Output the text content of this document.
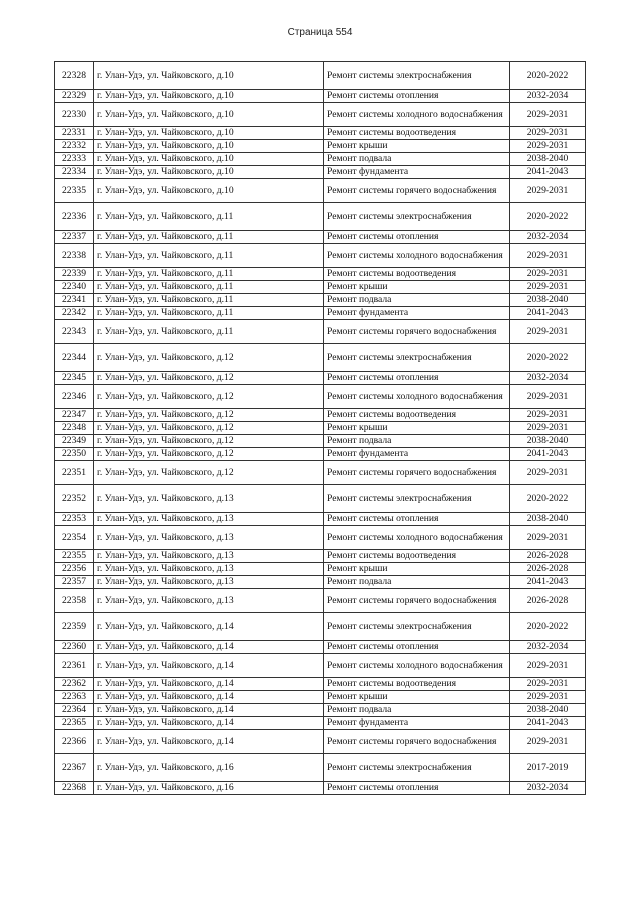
Страница 554
22328	г. Улан-Удэ, ул. Чайковского, д.10	Ремонт системы электроснабжения	2020-2022
22329	г. Улан-Удэ, ул. Чайковского, д.10	Ремонт системы отопления	2032-2034
22330	г. Улан-Удэ, ул. Чайковского, д.10	Ремонт системы холодного водоснабжения	2029-2031
22331	г. Улан-Удэ, ул. Чайковского, д.10	Ремонт системы водоотведения	2029-2031
22332	г. Улан-Удэ, ул. Чайковского, д.10	Ремонт крыши	2029-2031
22333	г. Улан-Удэ, ул. Чайковского, д.10	Ремонт подвала	2038-2040
22334	г. Улан-Удэ, ул. Чайковского, д.10	Ремонт фундамента	2041-2043
22335	г. Улан-Удэ, ул. Чайковского, д.10	Ремонт системы горячего водоснабжения	2029-2031
22336	г. Улан-Удэ, ул. Чайковского, д.11	Ремонт системы электроснабжения	2020-2022
22337	г. Улан-Удэ, ул. Чайковского, д.11	Ремонт системы отопления	2032-2034
22338	г. Улан-Удэ, ул. Чайковского, д.11	Ремонт системы холодного водоснабжения	2029-2031
22339	г. Улан-Удэ, ул. Чайковского, д.11	Ремонт системы водоотведения	2029-2031
22340	г. Улан-Удэ, ул. Чайковского, д.11	Ремонт крыши	2029-2031
22341	г. Улан-Удэ, ул. Чайковского, д.11	Ремонт подвала	2038-2040
22342	г. Улан-Удэ, ул. Чайковского, д.11	Ремонт фундамента	2041-2043
22343	г. Улан-Удэ, ул. Чайковского, д.11	Ремонт системы горячего водоснабжения	2029-2031
22344	г. Улан-Удэ, ул. Чайковского, д.12	Ремонт системы электроснабжения	2020-2022
22345	г. Улан-Удэ, ул. Чайковского, д.12	Ремонт системы отопления	2032-2034
22346	г. Улан-Удэ, ул. Чайковского, д.12	Ремонт системы холодного водоснабжения	2029-2031
22347	г. Улан-Удэ, ул. Чайковского, д.12	Ремонт системы водоотведения	2029-2031
22348	г. Улан-Удэ, ул. Чайковского, д.12	Ремонт крыши	2029-2031
22349	г. Улан-Удэ, ул. Чайковского, д.12	Ремонт подвала	2038-2040
22350	г. Улан-Удэ, ул. Чайковского, д.12	Ремонт фундамента	2041-2043
22351	г. Улан-Удэ, ул. Чайковского, д.12	Ремонт системы горячего водоснабжения	2029-2031
22352	г. Улан-Удэ, ул. Чайковского, д.13	Ремонт системы электроснабжения	2020-2022
22353	г. Улан-Удэ, ул. Чайковского, д.13	Ремонт системы отопления	2038-2040
22354	г. Улан-Удэ, ул. Чайковского, д.13	Ремонт системы холодного водоснабжения	2029-2031
22355	г. Улан-Удэ, ул. Чайковского, д.13	Ремонт системы водоотведения	2026-2028
22356	г. Улан-Удэ, ул. Чайковского, д.13	Ремонт крыши	2026-2028
22357	г. Улан-Удэ, ул. Чайковского, д.13	Ремонт подвала	2041-2043
22358	г. Улан-Удэ, ул. Чайковского, д.13	Ремонт системы горячего водоснабжения	2026-2028
22359	г. Улан-Удэ, ул. Чайковского, д.14	Ремонт системы электроснабжения	2020-2022
22360	г. Улан-Удэ, ул. Чайковского, д.14	Ремонт системы отопления	2032-2034
22361	г. Улан-Удэ, ул. Чайковского, д.14	Ремонт системы холодного водоснабжения	2029-2031
22362	г. Улан-Удэ, ул. Чайковского, д.14	Ремонт системы водоотведения	2029-2031
22363	г. Улан-Удэ, ул. Чайковского, д.14	Ремонт крыши	2029-2031
22364	г. Улан-Удэ, ул. Чайковского, д.14	Ремонт подвала	2038-2040
22365	г. Улан-Удэ, ул. Чайковского, д.14	Ремонт фундамента	2041-2043
22366	г. Улан-Удэ, ул. Чайковского, д.14	Ремонт системы горячего водоснабжения	2029-2031
22367	г. Улан-Удэ, ул. Чайковского, д.16	Ремонт системы электроснабжения	2017-2019
22368	г. Улан-Удэ, ул. Чайковского, д.16	Ремонт системы отопления	2032-2034
